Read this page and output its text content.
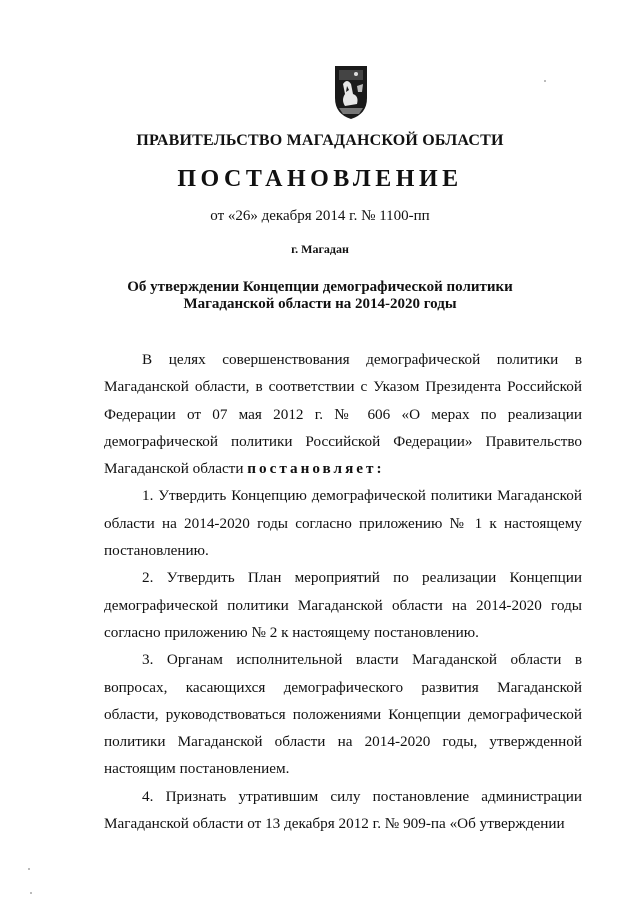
ПРАВИТЕЛЬСТВО МАГАДАНСКОЙ ОБЛАСТИ
ПОСТАНОВЛЕНИЕ
от «26» декабря 2014 г. № 1100-пп
г. Магадан
Об утверждении Концепции демографической политики
Магаданской области на 2014-2020 годы

В целях совершенствования демографической политики в Магаданской области, в соответствии с Указом Президента Российской Федерации от 07 мая 2012 г. № 606 «О мерах по реализации демографической политики Российской Федерации» Правительство Магаданской области постановляет:

1. Утвердить Концепцию демографической политики Магаданской области на 2014-2020 годы согласно приложению № 1 к настоящему постановлению.

2. Утвердить План мероприятий по реализации Концепции демографической политики Магаданской области на 2014-2020 годы согласно приложению № 2 к настоящему постановлению.

3. Органам исполнительной власти Магаданской области в вопросах, касающихся демографического развития Магаданской области, руководствоваться положениями Концепции демографической политики Магаданской области на 2014-2020 годы, утвержденной настоящим постановлением.

4. Признать утратившим силу постановление администрации Магаданской области от 13 декабря 2012 г. № 909-па «Об утверждении
